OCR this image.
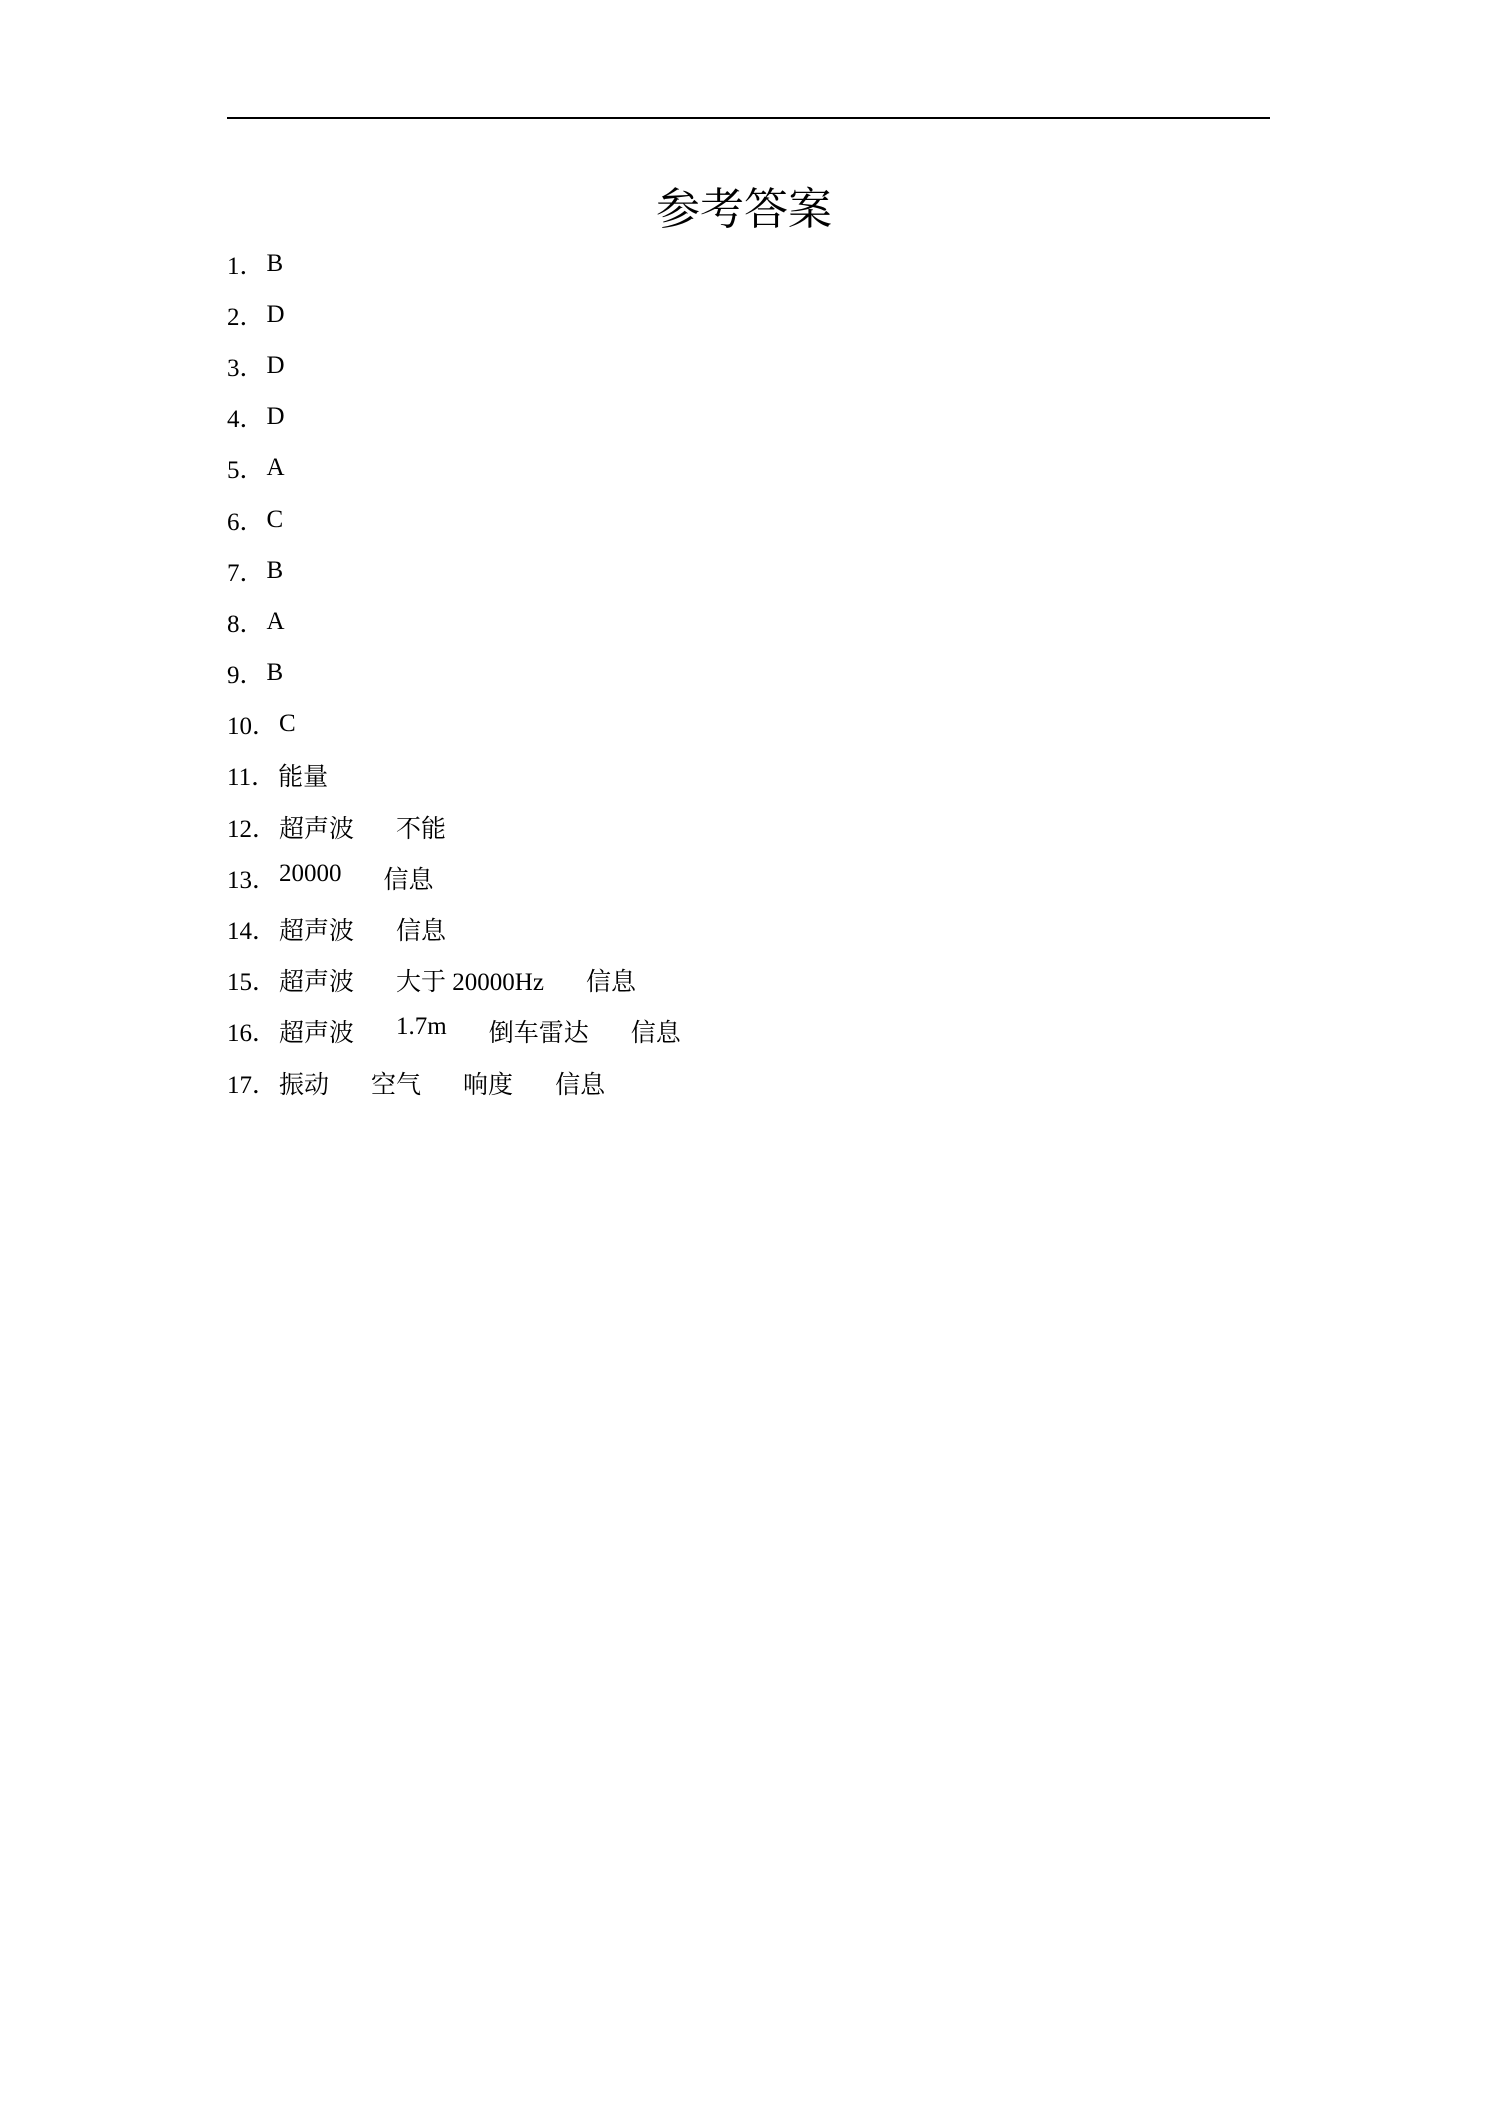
参考答案
1． B
2． D
3． D
4． D
5． A
6． C
7． B
8． A
9． B
10． C
11． 能量
12． 超声波 不能
13． 20000 信息
14． 超声波 信息
15． 超声波 大于 20000Hz 信息
16． 超声波 1.7m 倒车雷达 信息
17． 振动 空气 响度 信息
